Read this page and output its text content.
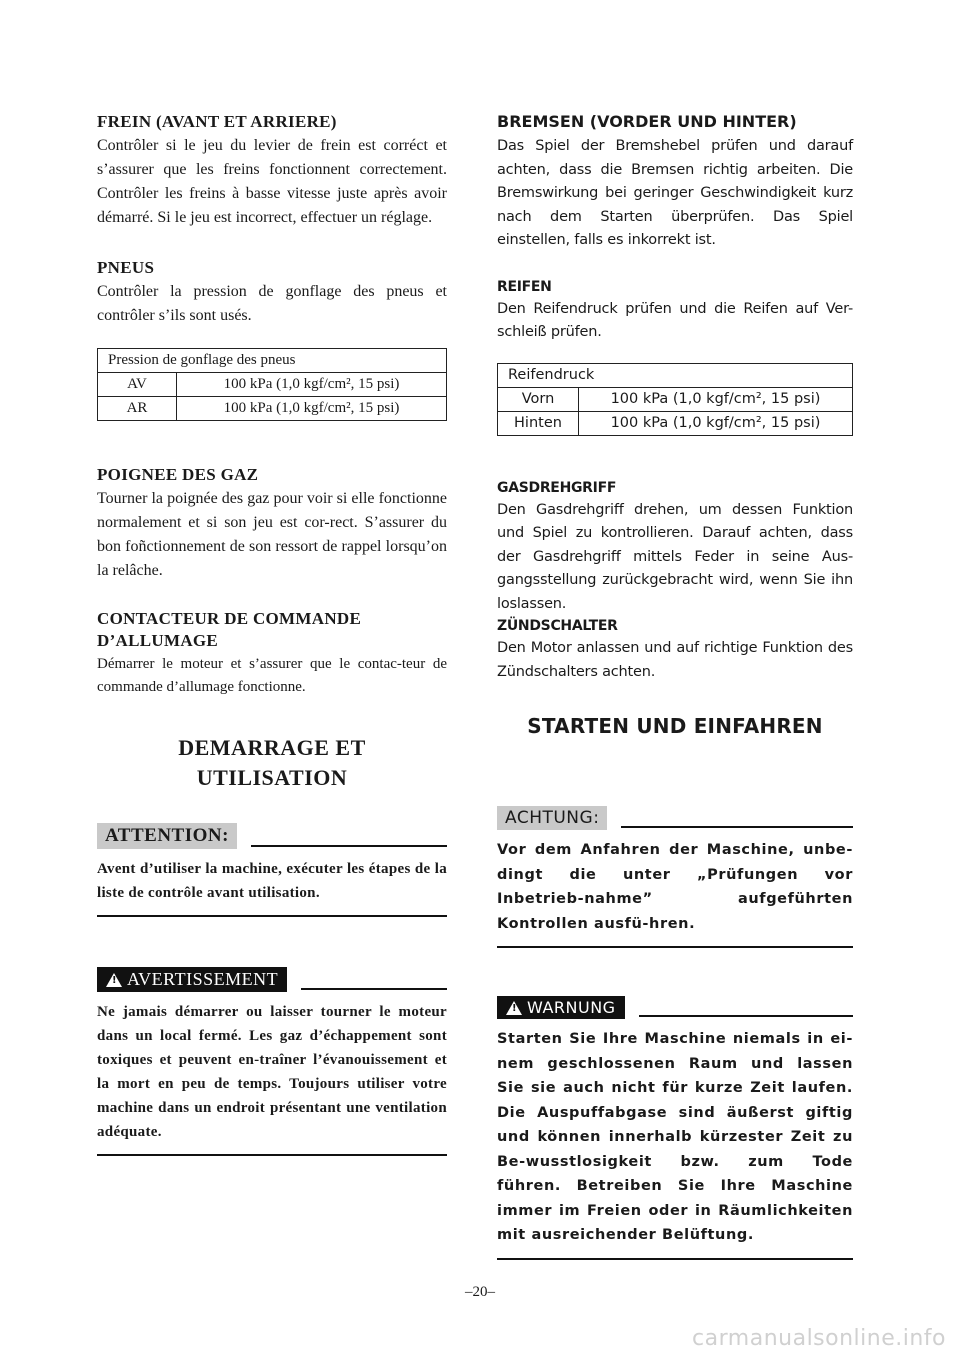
FREIN (AVANT ET ARRIERE)

Contrôler si le jeu du levier de frein est corréct et s’assurer que les freins fonctionnent correctement. Contrôler les freins à basse vitesse juste après avoir démarré. Si le jeu est incorrect, effectuer un réglage.

PNEUS

Contrôler la pression de gonflage des pneus et contrôler s’ils sont usés.

Pression de gonflage des pneus	
AV	100 kPa (1,0 kgf/cm², 15 psi)
AR	100 kPa (1,0 kgf/cm², 15 psi)
POIGNEE DES GAZ

Tourner la poignée des gaz pour voir si elle fonctionne normalement et si son jeu est cor-rect. S’assurer du bon foñctionnement de son ressort de rappel lorsqu’on la relâche.

CONTACTEUR DE COMMANDE
D’ALLUMAGE

Démarrer le moteur et s’assurer que le contac-teur de commande d’allumage fonctionne.

DEMARRAGE ET
UTILISATION
ATTENTION:
Avent d’utiliser la machine, exécuter les étapes de la liste de contrôle avant utilisation.
!
AVERTISSEMENT
Ne jamais démarrer ou laisser tourner le moteur dans un local fermé. Les gaz d’échappement sont toxiques et peuvent en-traîner l’évanouissement et la mort en peu de temps. Toujours utiliser votre machine dans un endroit présentant une ventilation adéquate.
BREMSEN (VORDER UND HINTER)

Das Spiel der Bremshebel prüfen und darauf achten, dass die Bremsen richtig arbeiten. Die Bremswirkung bei geringer Geschwindigkeit kurz nach dem Starten überprüfen. Das Spiel einstellen, falls es inkorrekt ist.

REIFEN

Den Reifendruck prüfen und die Reifen auf Ver-schleiß prüfen.

Reifendruck	
Vorn	100 kPa (1,0 kgf/cm², 15 psi)
Hinten	100 kPa (1,0 kgf/cm², 15 psi)
GASDREHGRIFF

Den Gasdrehgriff drehen, um dessen Funktion und Spiel zu kontrollieren. Darauf achten, dass der Gasdrehgriff mittels Feder in seine Aus-gangsstellung zurückgebracht wird, wenn Sie ihn loslassen.

ZÜNDSCHALTER

Den Motor anlassen und auf richtige Funktion des Zündschalters achten.

STARTEN UND EINFAHREN
ACHTUNG:
Vor dem Anfahren der Maschine, unbe-dingt die unter „Prüfungen vor Inbetrieb-nahme” aufgeführten Kontrollen ausfü-hren.
!
WARNUNG
Starten Sie Ihre Maschine niemals in ei-nem geschlossenen Raum und lassen Sie sie auch nicht für kurze Zeit laufen. Die Auspuffabgase sind äußerst giftig und können innerhalb kürzester Zeit zu Be-wusstlosigkeit bzw. zum Tode führen. Betreiben Sie Ihre Maschine immer im Freien oder in Räumlichkeiten mit ausreichender Belüftung.
–20–
carmanualsonline.info
